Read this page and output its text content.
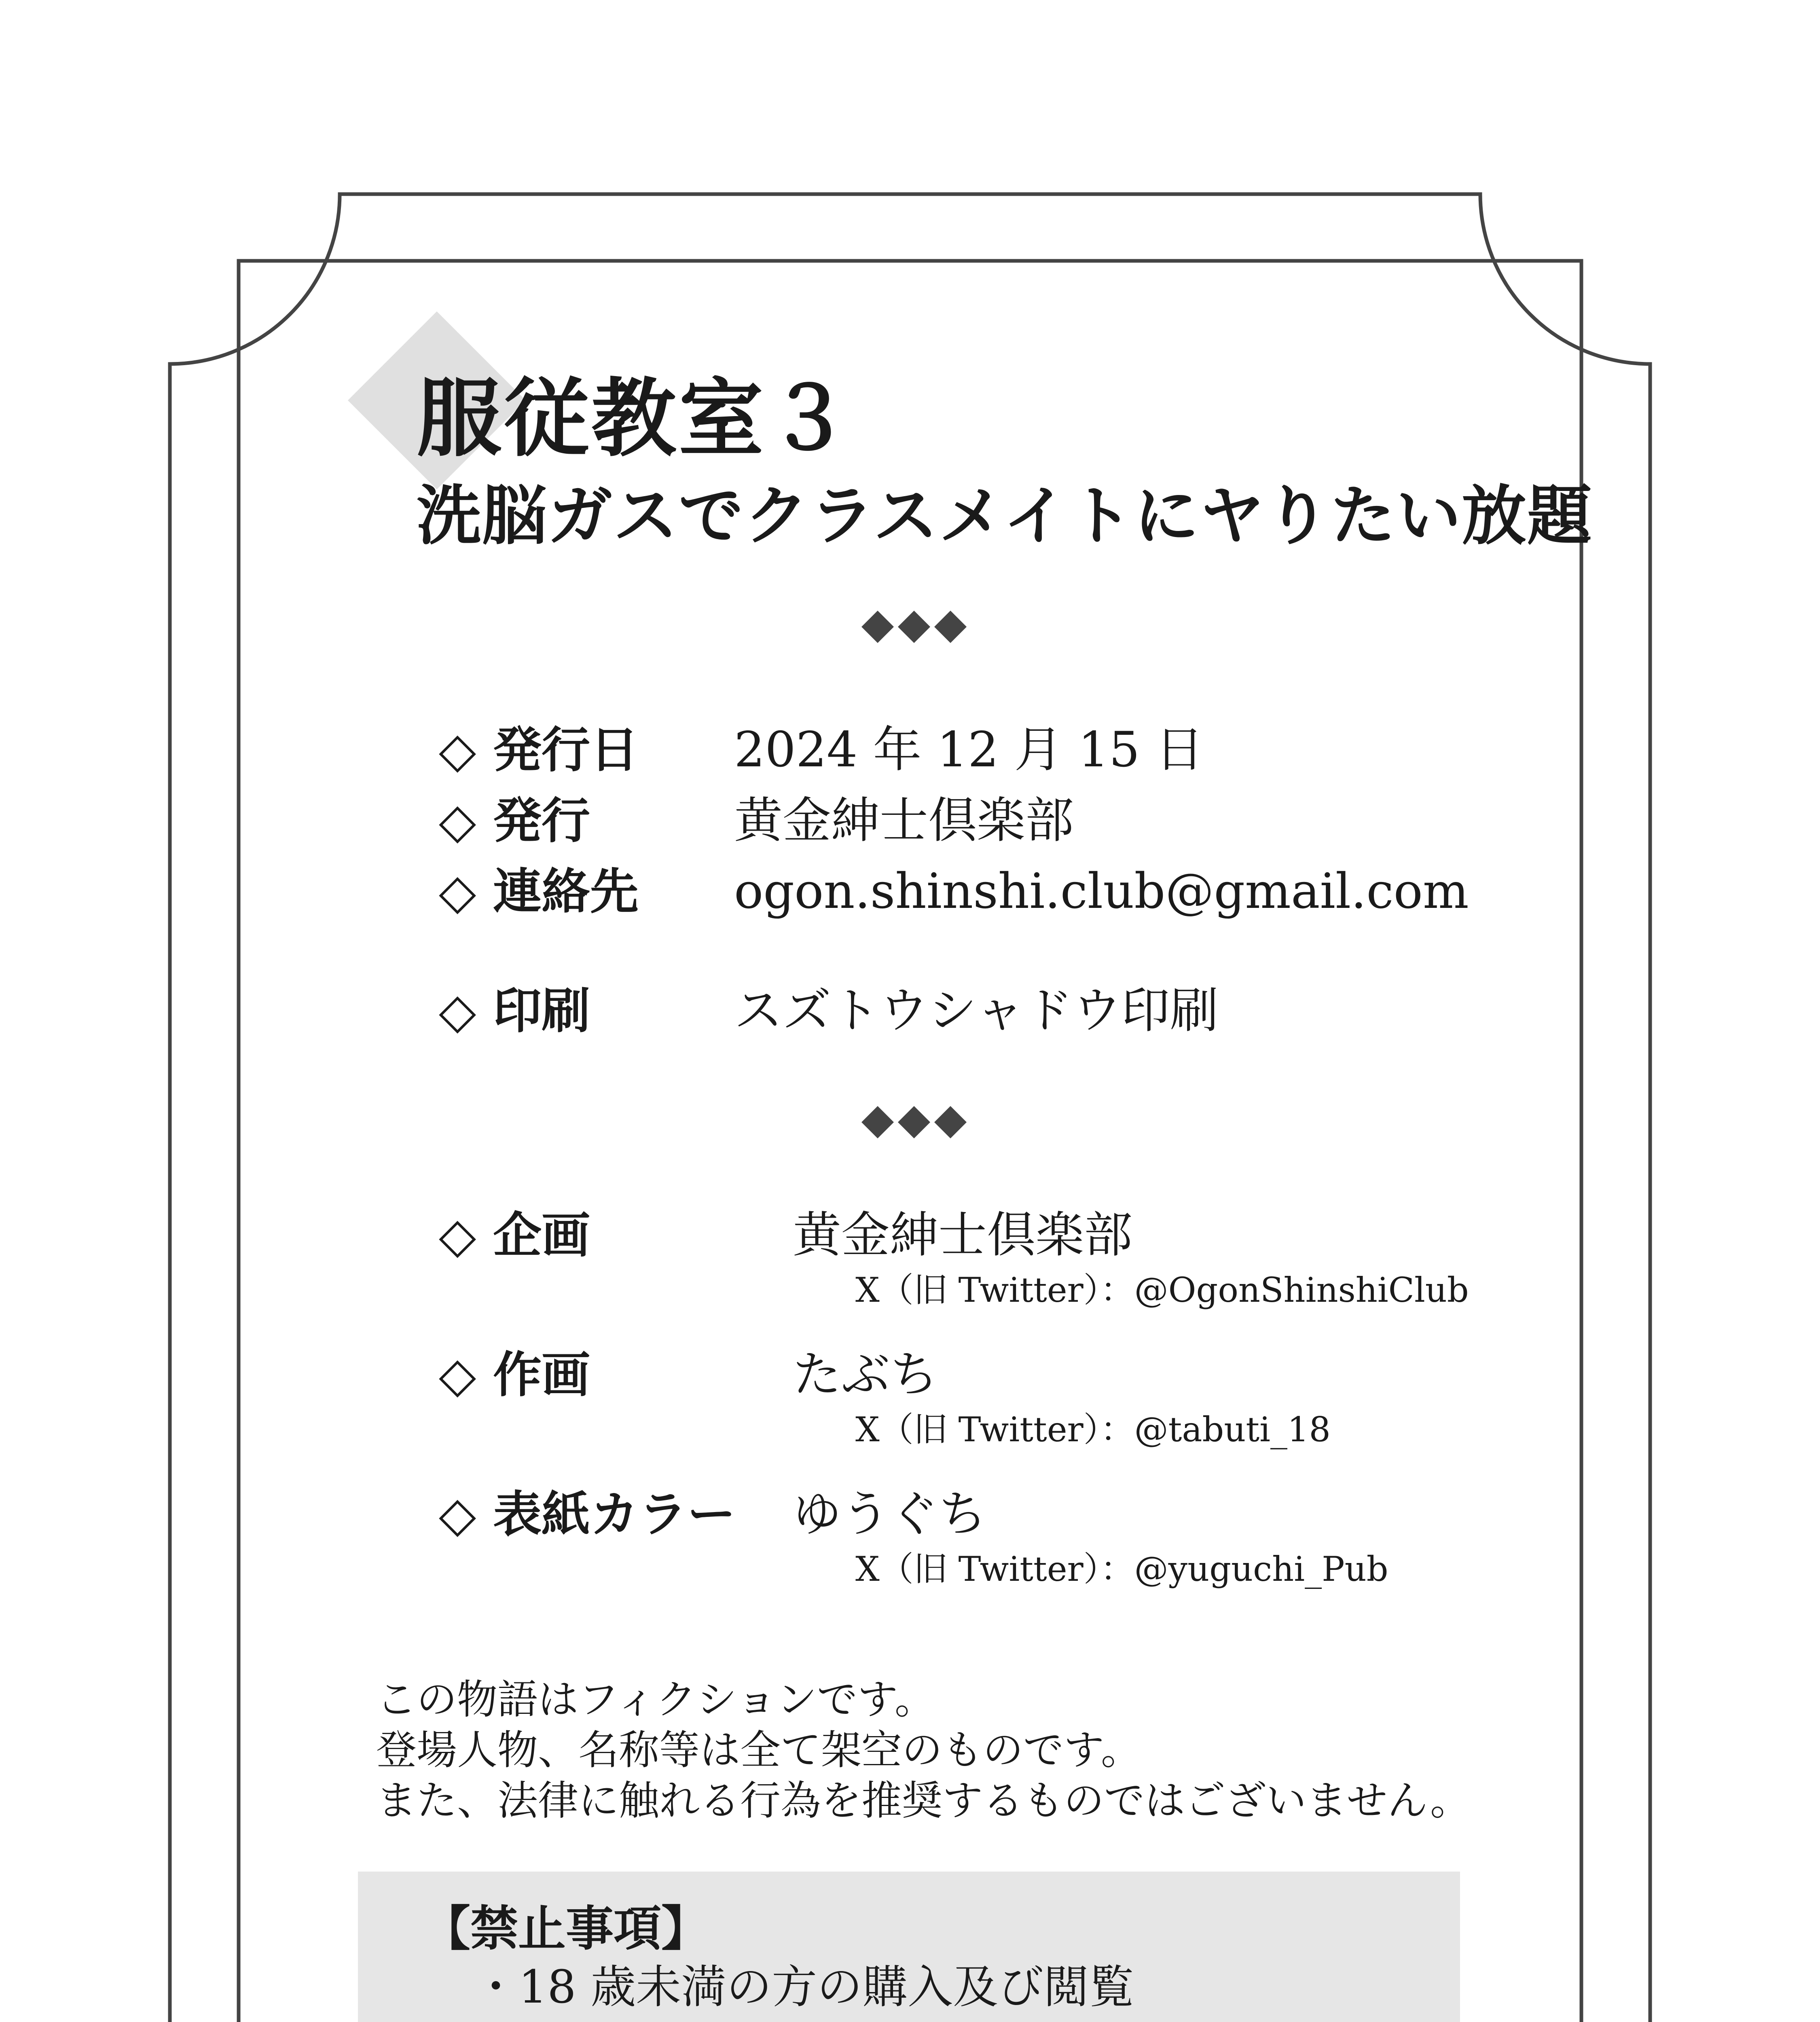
服従教室３
洗脳ガスでクラスメイトにヤりたい放題
◇ 発行日 2024 年 12 月 15 日
◇ 発行	黄金紳士倶楽部
◇ 連絡先 ogon.shinshi.club@gmail.com
◇ 印刷	スズトウシャドウ印刷
◇ 企画	黄金紳士倶楽部
X（旧 Twitter）：@OgonShinshiClub
◇ 作画	たぶち
X（旧 Twitter）：@tabuti_18
◇ 表紙カラー ゆうぐち
X（旧 Twitter）：@yuguchi_Pub
この物語はフィクションです。
登場人物、名称等は全て架空のものです。
また、法律に触れる行為を推奨するものではございません。
【禁止事項】
・18 歳未満の方の購入及び閲覧
